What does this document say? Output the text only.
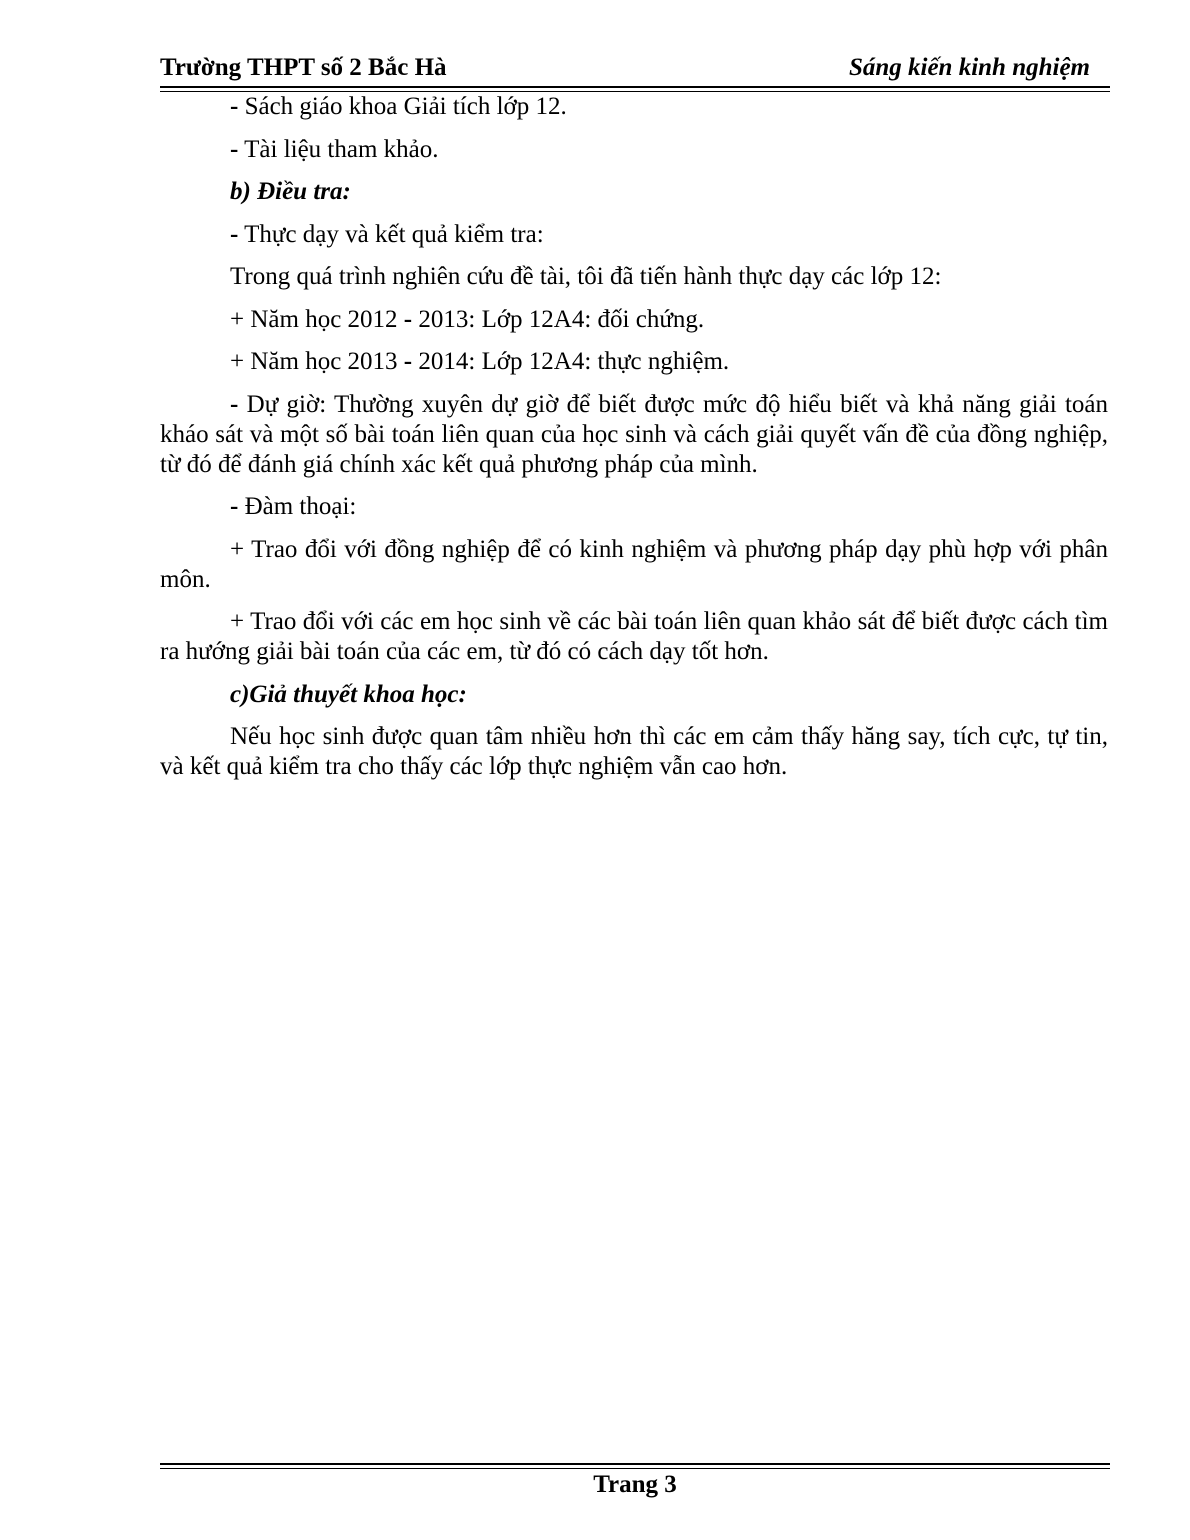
Trường THPT số 2 Bắc Hà	Sáng kiến kinh nghiệm

- Sách giáo khoa Giải tích lớp 12.

- Tài liệu tham khảo.

b) Điều tra:

- Thực dạy và kết quả kiểm tra:

Trong quá trình nghiên cứu đề tài, tôi đã tiến hành thực dạy các lớp 12:

+ Năm học 2012 - 2013: Lớp 12A4: đối chứng.

+ Năm học 2013 - 2014: Lớp 12A4: thực nghiệm.

- Dự giờ: Thường xuyên dự giờ để biết được mức độ hiểu biết và khả năng giải toán kháo sát và một số bài toán liên quan của học sinh và cách giải quyết vấn đề của đồng nghiệp, từ đó để đánh giá chính xác kết quả phương pháp của mình.

- Đàm thoại:

+ Trao đổi với đồng nghiệp để có kinh nghiệm và phương pháp dạy phù hợp với phân môn.

+ Trao đổi với các em học sinh về các bài toán liên quan khảo sát để biết được cách tìm ra hướng giải bài toán của các em, từ đó có cách dạy tốt hơn.

c)Giả thuyết khoa học:

Nếu học sinh được quan tâm nhiều hơn thì các em cảm thấy hăng say, tích cực, tự tin, và kết quả kiểm tra cho thấy các lớp thực nghiệm vẫn cao hơn.

Trang 3
